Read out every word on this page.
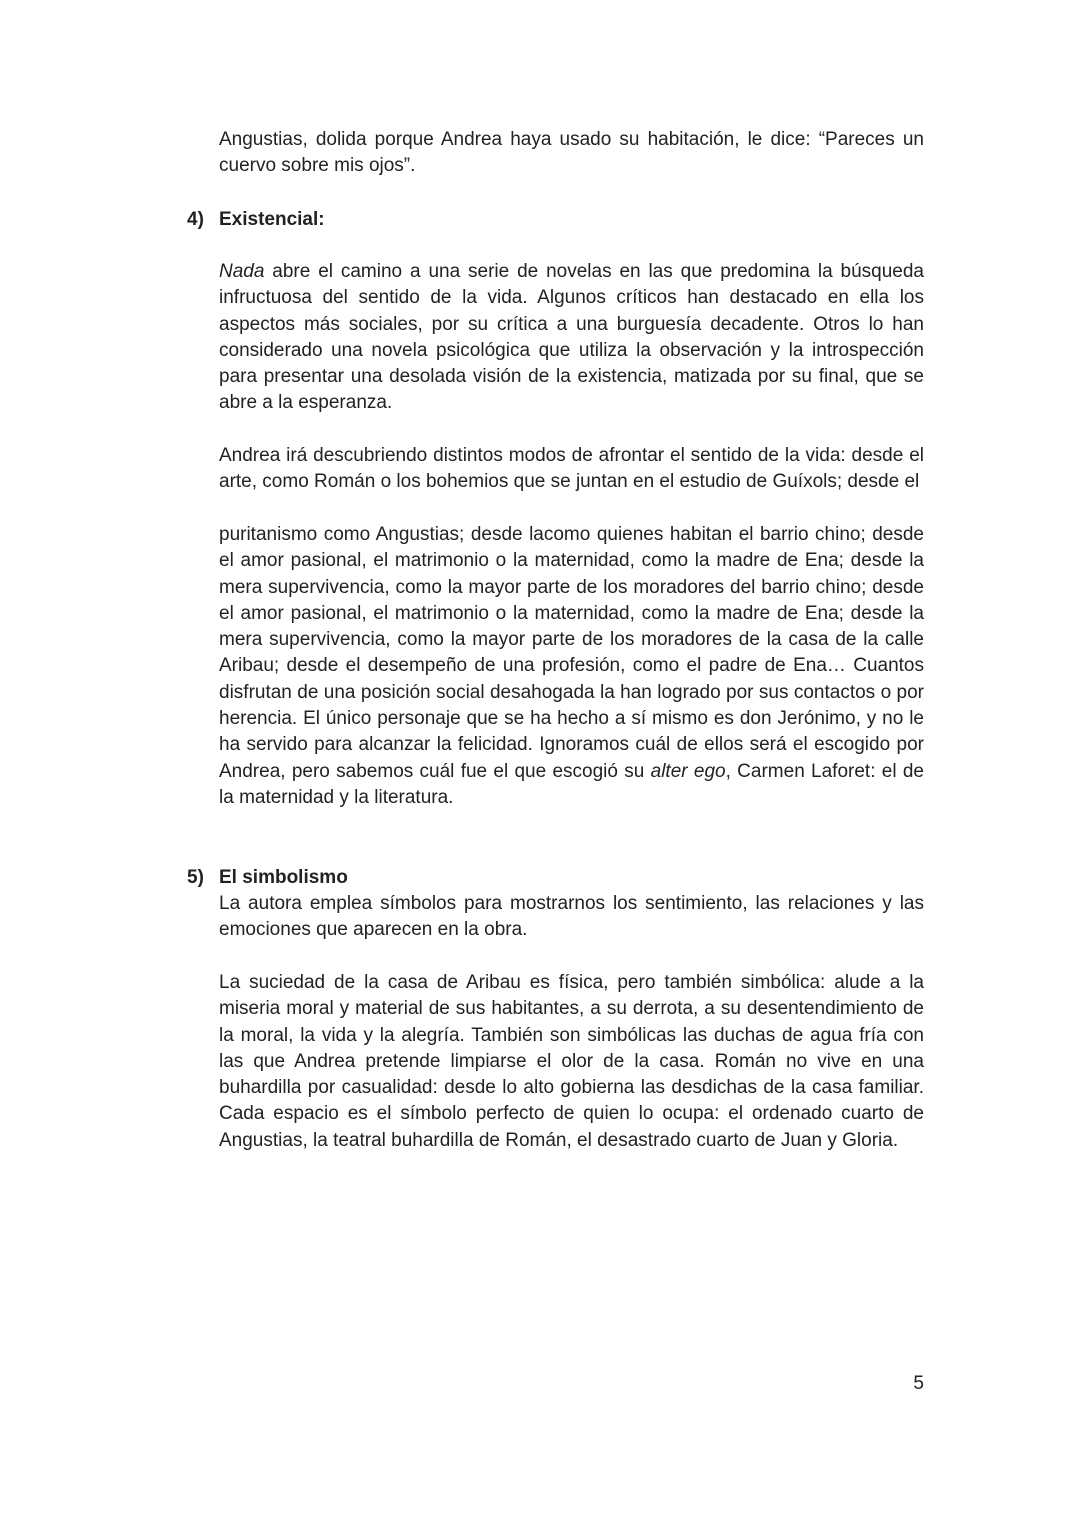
Angustias, dolida porque Andrea haya usado su habitación, le dice: “Pareces un cuervo sobre mis ojos”.

4) Existencial:

Nada abre el camino a una serie de novelas en las que predomina la búsqueda infructuosa del sentido de la vida. Algunos críticos han destacado en ella los aspectos más sociales, por su crítica a una burguesía decadente. Otros lo han considerado una novela psicológica que utiliza la observación y la introspección para presentar una desolada visión de la existencia, matizada por su final, que se abre a la esperanza.

Andrea irá descubriendo distintos modos de afrontar el sentido de la vida: desde el arte, como Román o los bohemios que se juntan en el estudio de Guíxols; desde el

puritanismo como Angustias; desde lacomo quienes habitan el barrio chino; desde el amor pasional, el matrimonio o la maternidad, como la madre de Ena; desde la mera supervivencia, como la mayor parte de los moradores del barrio chino; desde el amor pasional, el matrimonio o la maternidad, como la madre de Ena; desde la mera supervivencia, como la mayor parte de los moradores de la casa de la calle Aribau; desde el desempeño de una profesión, como el padre de Ena… Cuantos disfrutan de una posición social desahogada la han logrado por sus contactos o por herencia. El único personaje que se ha hecho a sí mismo es don Jerónimo, y no le ha servido para alcanzar la felicidad. Ignoramos cuál de ellos será el escogido por Andrea, pero sabemos cuál fue el que escogió su alter ego, Carmen Laforet: el de la maternidad y la literatura.

5) El simbolismo

La autora emplea símbolos para mostrarnos los sentimiento, las relaciones y las emociones que aparecen en la obra.

La suciedad de la casa de Aribau es física, pero también simbólica: alude a la miseria moral y material de sus habitantes, a su derrota, a su desentendimiento de la moral, la vida y la alegría. También son simbólicas las duchas de agua fría con las que Andrea pretende limpiarse el olor de la casa. Román no vive en una buhardilla por casualidad: desde lo alto gobierna las desdichas de la casa familiar. Cada espacio es el símbolo perfecto de quien lo ocupa: el ordenado cuarto de Angustias, la teatral buhardilla de Román, el desastrado cuarto de Juan y Gloria.

5
